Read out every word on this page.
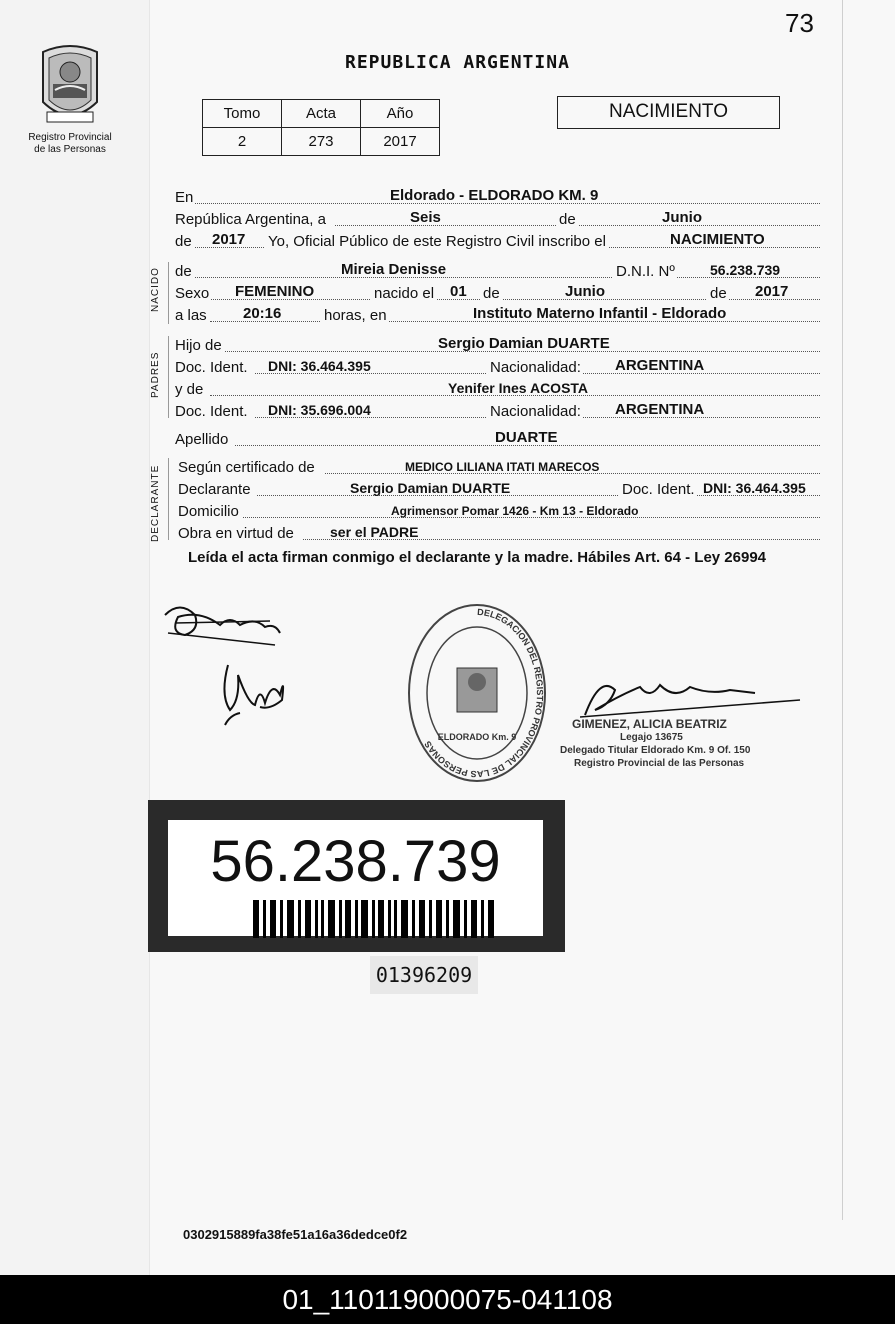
73
Registro Provincial
de las Personas
REPUBLICA ARGENTINA
Tomo	Acta	Año
2	273	2017
NACIMIENTO
En	Eldorado - ELDORADO KM. 9
República Argentina, a	Seis	de	Junio
de 2017 Yo, Oficial Público de este Registro Civil inscribo el	NACIMIENTO
NACIDO de	Mireia Denisse	D.N.I. Nº	56.238.739
Sexo FEMENINO	nacido el 01 de	Junio	de 2017
a las 20:16	horas, en	Instituto Materno Infantil - Eldorado
PADRES
Hijo de	Sergio Damian DUARTE
Doc. Ident. DNI: 36.464.395	Nacionalidad: ARGENTINA
y de	Yenifer Ines ACOSTA
Doc. Ident. DNI: 35.696.004	Nacionalidad: ARGENTINA
Apellido	DUARTE
DECLARANTE Según certificado de	MEDICO LILIANA ITATI MARECOS
Declarante	Sergio Damian DUARTE	Doc. Ident. DNI: 36.464.395
Domicilio	Agrimensor Pomar 1426 - Km 13 - Eldorado
Obra en virtud de	ser el PADRE
Leída el acta firman conmigo el declarante y la madre. Hábiles Art. 64 - Ley 26994
DELEGACION DEL REGISTRO PROVINCIAL DE LAS PERSONAS
ELDORADO Km. 9
GIMENEZ, ALICIA BEATRIZ
Legajo 13675
Delegado Titular Eldorado Km. 9 Of. 150
Registro Provincial de las Personas
56.238.739
01396209
0302915889fa38fe51a16a36dedce0f2
01_110119000075-041108
